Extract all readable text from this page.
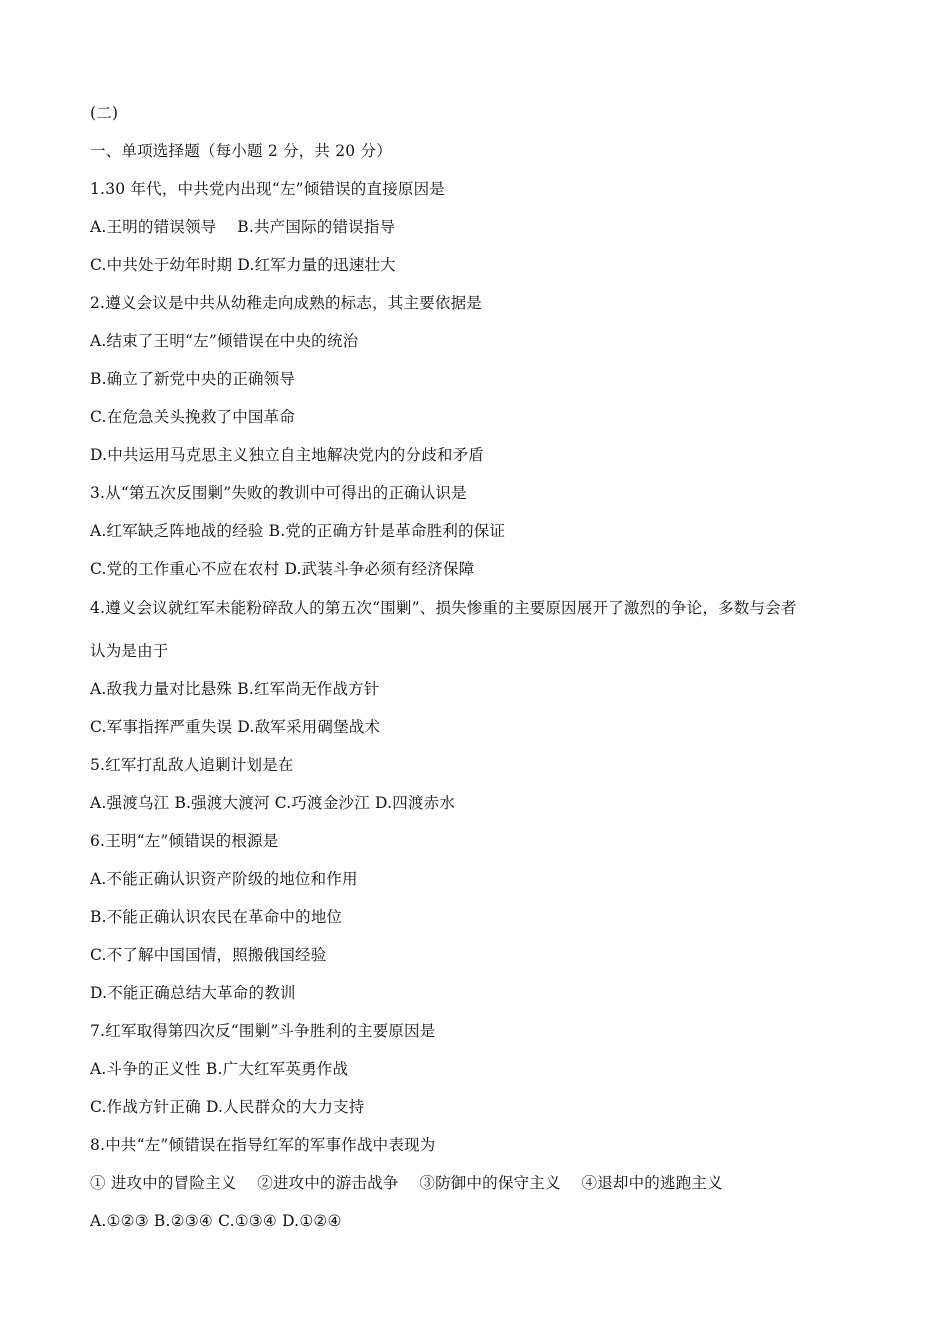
(二)
一、单项选择题（每小题 2 分，共 20 分）
1.30 年代，中共党内出现“左”倾错误的直接原因是
A.王明的错误领导　 B.共产国际的错误指导
C.中共处于幼年时期 D.红军力量的迅速壮大
2.遵义会议是中共从幼稚走向成熟的标志，其主要依据是
A.结束了王明“左”倾错误在中央的统治
B.确立了新党中央的正确领导
C.在危急关头挽救了中国革命
D.中共运用马克思主义独立自主地解决党内的分歧和矛盾
3.从“第五次反围剿”失败的教训中可得出的正确认识是
A.红军缺乏阵地战的经验 B.党的正确方针是革命胜利的保证
C.党的工作重心不应在农村 D.武装斗争必须有经济保障
4.遵义会议就红军未能粉碎敌人的第五次“围剿”、损失惨重的主要原因展开了激烈的争论，多数与会者
认为是由于
A.敌我力量对比悬殊 B.红军尚无作战方针
C.军事指挥严重失误 D.敌军采用碉堡战术
5.红军打乱敌人追剿计划是在
A.强渡乌江 B.强渡大渡河 C.巧渡金沙江 D.四渡赤水
6.王明“左”倾错误的根源是
A.不能正确认识资产阶级的地位和作用
B.不能正确认识农民在革命中的地位
C.不了解中国国情，照搬俄国经验
D.不能正确总结大革命的教训
7.红军取得第四次反“围剿”斗争胜利的主要原因是
A.斗争的正义性 B.广大红军英勇作战
C.作战方针正确 D.人民群众的大力支持
8.中共“左”倾错误在指导红军的军事作战中表现为
① 进攻中的冒险主义　 ②进攻中的游击战争　 ③防御中的保守主义　 ④退却中的逃跑主义
A.①②③ B.②③④ C.①③④ D.①②④
